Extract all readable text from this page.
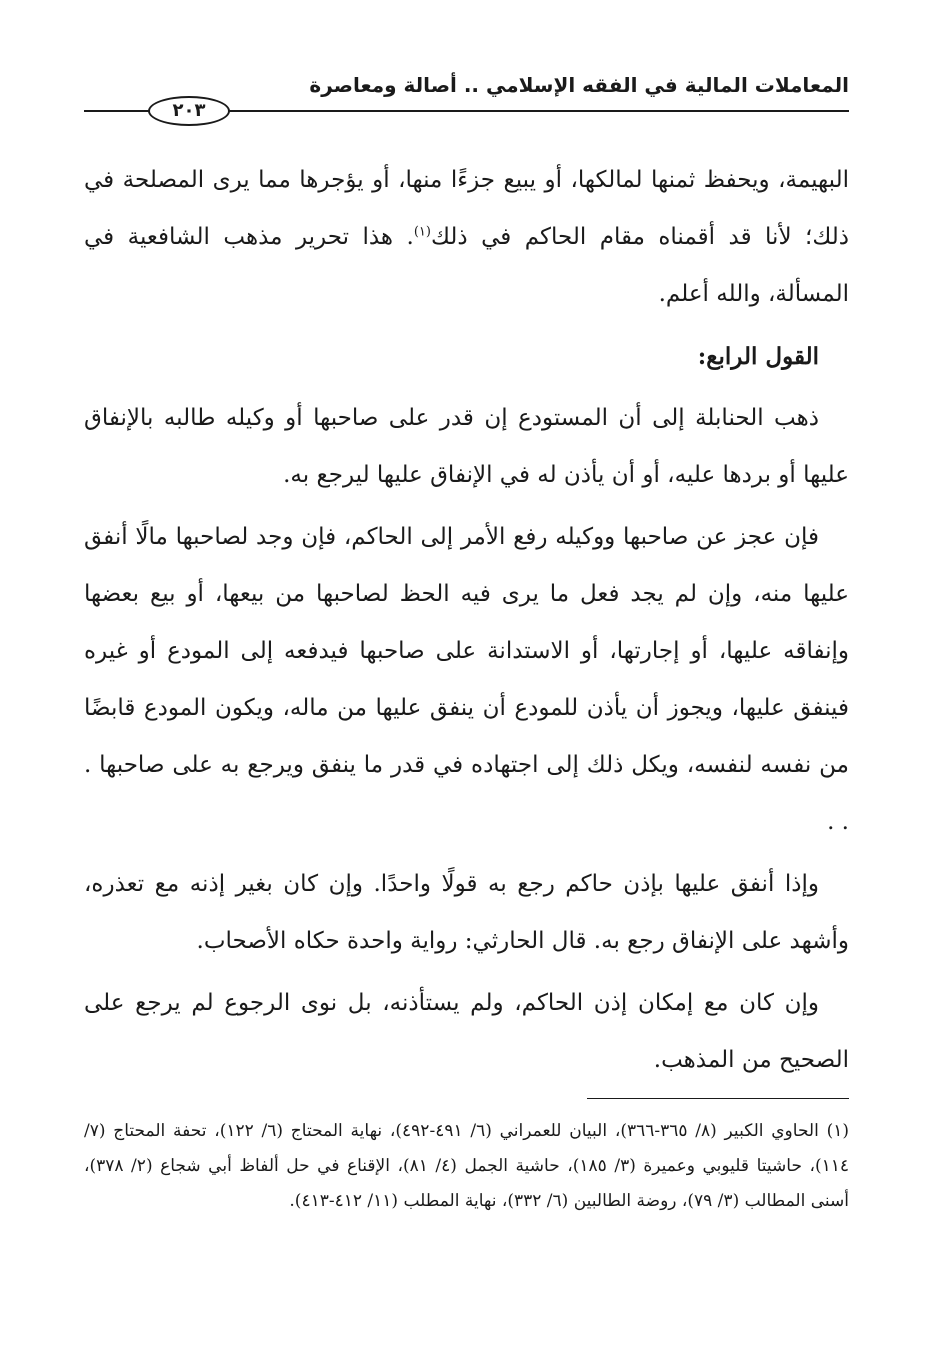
المعاملات المالية في الفقه الإسلامي .. أصالة ومعاصرة
٢٠٣

البهيمة، ويحفظ ثمنها لمالكها، أو يبيع جزءًا منها، أو يؤجرها مما يرى المصلحة في ذلك؛ لأنا قد أقمناه مقام الحاكم في ذلك$^{(١)}$. هذا تحرير مذهب الشافعية في المسألة، والله أعلم.

القول الرابع:

ذهب الحنابلة إلى أن المستودع إن قدر على صاحبها أو وكيله طالبه بالإنفاق عليها أو بردها عليه، أو أن يأذن له في الإنفاق عليها ليرجع به.

فإن عجز عن صاحبها ووكيله رفع الأمر إلى الحاكم، فإن وجد لصاحبها مالًا أنفق عليها منه، وإن لم يجد فعل ما يرى فيه الحظ لصاحبها من بيعها، أو بيع بعضها وإنفاقه عليها، أو إجارتها، أو الاستدانة على صاحبها فيدفعه إلى المودع أو غيره فينفق عليها، ويجوز أن يأذن للمودع أن ينفق عليها من ماله، ويكون المودع قابضًا من نفسه لنفسه، ويكل ذلك إلى اجتهاده في قدر ما ينفق ويرجع به على صاحبها . . .

وإذا أنفق عليها بإذن حاكم رجع به قولًا واحدًا. وإن كان بغير إذنه مع تعذره، وأشهد على الإنفاق رجع به. قال الحارثي: رواية واحدة حكاه الأصحاب.

وإن كان مع إمكان إذن الحاكم، ولم يستأذنه، بل نوى الرجوع لم يرجع على الصحيح من المذهب.

(١) الحاوي الكبير (٨/ ٣٦٥-٣٦٦)، البيان للعمراني (٦/ ٤٩١-٤٩٢)، نهاية المحتاج (٦/ ١٢٢)، تحفة المحتاج (٧/ ١١٤)، حاشيتا قليوبي وعميرة (٣/ ١٨٥)، حاشية الجمل (٤/ ٨١)، الإقناع في حل ألفاظ أبي شجاع (٢/ ٣٧٨)، أسنى المطالب (٣/ ٧٩)، روضة الطالبين (٦/ ٣٣٢)، نهاية المطلب (١١/ ٤١٢-٤١٣).
